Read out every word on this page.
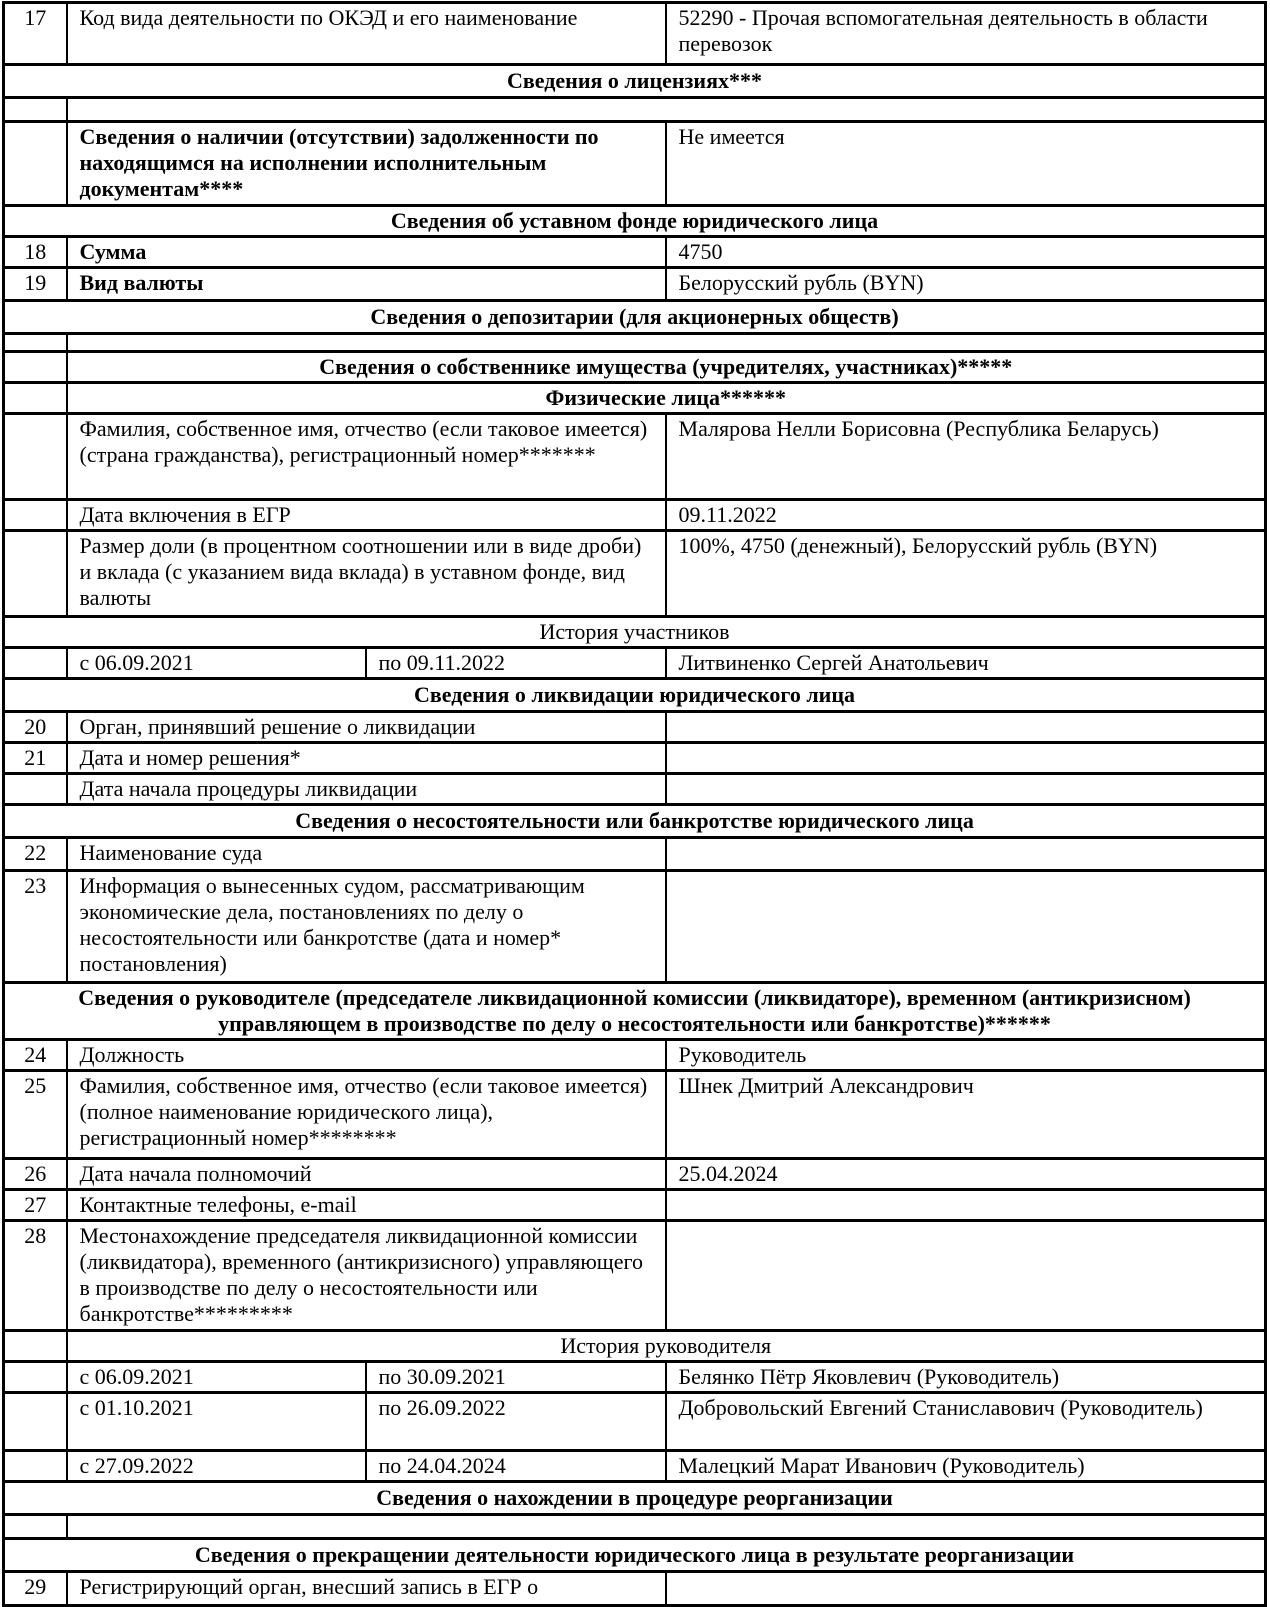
17	Код вида деятельности по ОКЭД и его наименование		52290 - Прочая вспомогательная деятельность в области перевозок
Сведения о лицензиях***			

	Сведения о наличии (отсутствии) задолженности по находящимся на исполнении исполнительным документам****		Не имеется
Сведения об уставном фонде юридического лица			
18	Сумма		4750
19	Вид валюты		Белорусский рубль (BYN)
Сведения о депозитарии (для акционерных обществ)			

	Сведения о собственнике имущества (учредителях, участниках)*****		
	Физические лица******		
	Фамилия, собственное имя, отчество (если таковое имеется) (страна гражданства), регистрационный номер*******		Малярова Нелли Борисовна (Республика Беларусь)
	Дата включения в ЕГР		09.11.2022
	Размер доли (в процентном соотношении или в виде дроби) и вклада (с указанием вида вклада) в уставном фонде, вид валюты		100%, 4750 (денежный), Белорусский рубль (BYN)
История участников			
	с 06.09.2021	по 09.11.2022	Литвиненко Сергей Анатольевич
Сведения о ликвидации юридического лица			
20	Орган, принявший решение о ликвидации		
21	Дата и номер решения*		
	Дата начала процедуры ликвидации		
Сведения о несостоятельности или банкротстве юридического лица			
22	Наименование суда		
23	Информация о вынесенных судом, рассматривающим экономические дела, постановлениях по делу о несостоятельности или банкротстве (дата и номер* постановления)		
Сведения о руководителе (председателе ликвидационной комиссии (ликвидаторе), временном (антикризисном) управляющем в производстве по делу о несостоятельности или банкротстве)******			
24	Должность		Руководитель
25	Фамилия, собственное имя, отчество (если таковое имеется) (полное наименование юридического лица), регистрационный номер********		Шнек Дмитрий Александрович
26	Дата начала полномочий		25.04.2024
27	Контактные телефоны, e-mail		
28	Местонахождение председателя ликвидационной комиссии (ликвидатора), временного (антикризисного) управляющего в производстве по делу о несостоятельности или банкротстве*********		
	История руководителя		
	с 06.09.2021	по 30.09.2021	Белянко Пётр Яковлевич (Руководитель)
	с 01.10.2021	по 26.09.2022	Добровольский Евгений Станиславович (Руководитель)
	с 27.09.2022	по 24.04.2024	Малецкий Марат Иванович (Руководитель)
Сведения о нахождении в процедуре реорганизации			

Сведения о прекращении деятельности юридического лица в результате реорганизации			
29	Регистрирующий орган, внесший запись в ЕГР о		
